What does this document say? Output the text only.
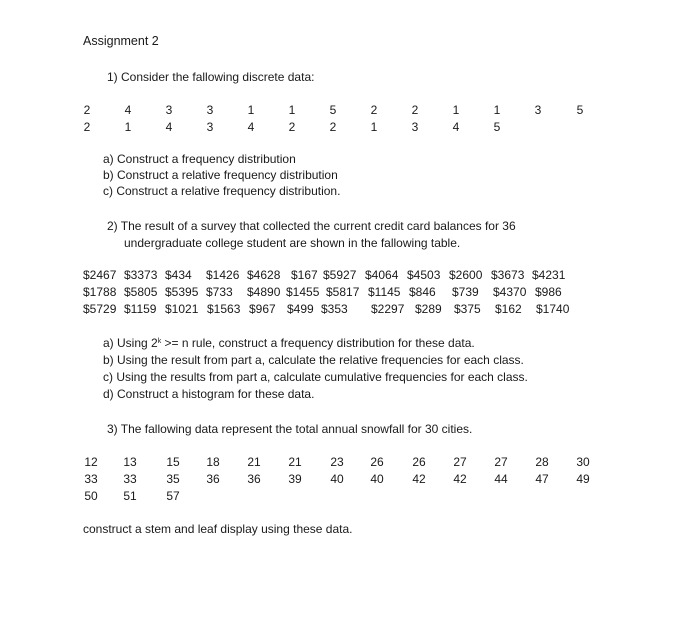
Assignment 2
1) Consider the fallowing discrete data:
2	4	3	3	1	1	5	2	2	1	1	3	5
2	1	4	3	4	2	2	1	3	4	5
a) Construct a frequency distribution
b) Construct a relative frequency distribution
c) Construct a relative frequency distribution.
2) The result of a survey that collected the current credit card balances for 36
undergraduate college student are shown in the fallowing table.
$2467 $3373 $434 $1426 $4628 $167 $5927 $4064 $4503 $2600 $3673 $4231
$1788 $5805 $5395 $733 $4890 $1455 $5817 $1145 $846 $739 $4370 $986
$5729 $1159 $1021 $1563 $967 $499 $353 $2297 $289 $375 $162 $1740
a) Using $2^k >= n$ rule, construct a frequency distribution for these data.
b) Using the result from part a, calculate the relative frequencies for each class.
c) Using the results from part a, calculate cumulative frequencies for each class.
d) Construct a histogram for these data.
3) The fallowing data represent the total annual snowfall for 30 cities.
12 13 15 18 21 21 23 26 26 27 27 28 30
33 33 35 36 36 39 40 40 42 42 44 47 49
50 51 57
construct a stem and leaf display using these data.
